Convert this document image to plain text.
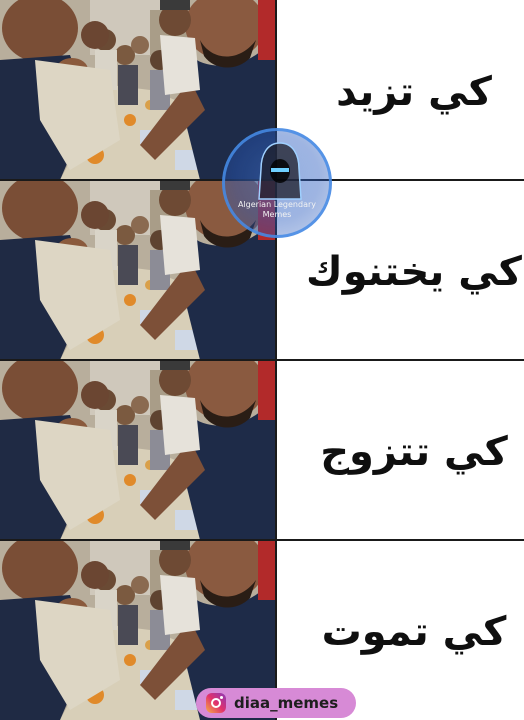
كي تزيد
كي يختنوك
كي تتزوج
كي تموت
Algerian Legendary
Memes
diaa_memes
